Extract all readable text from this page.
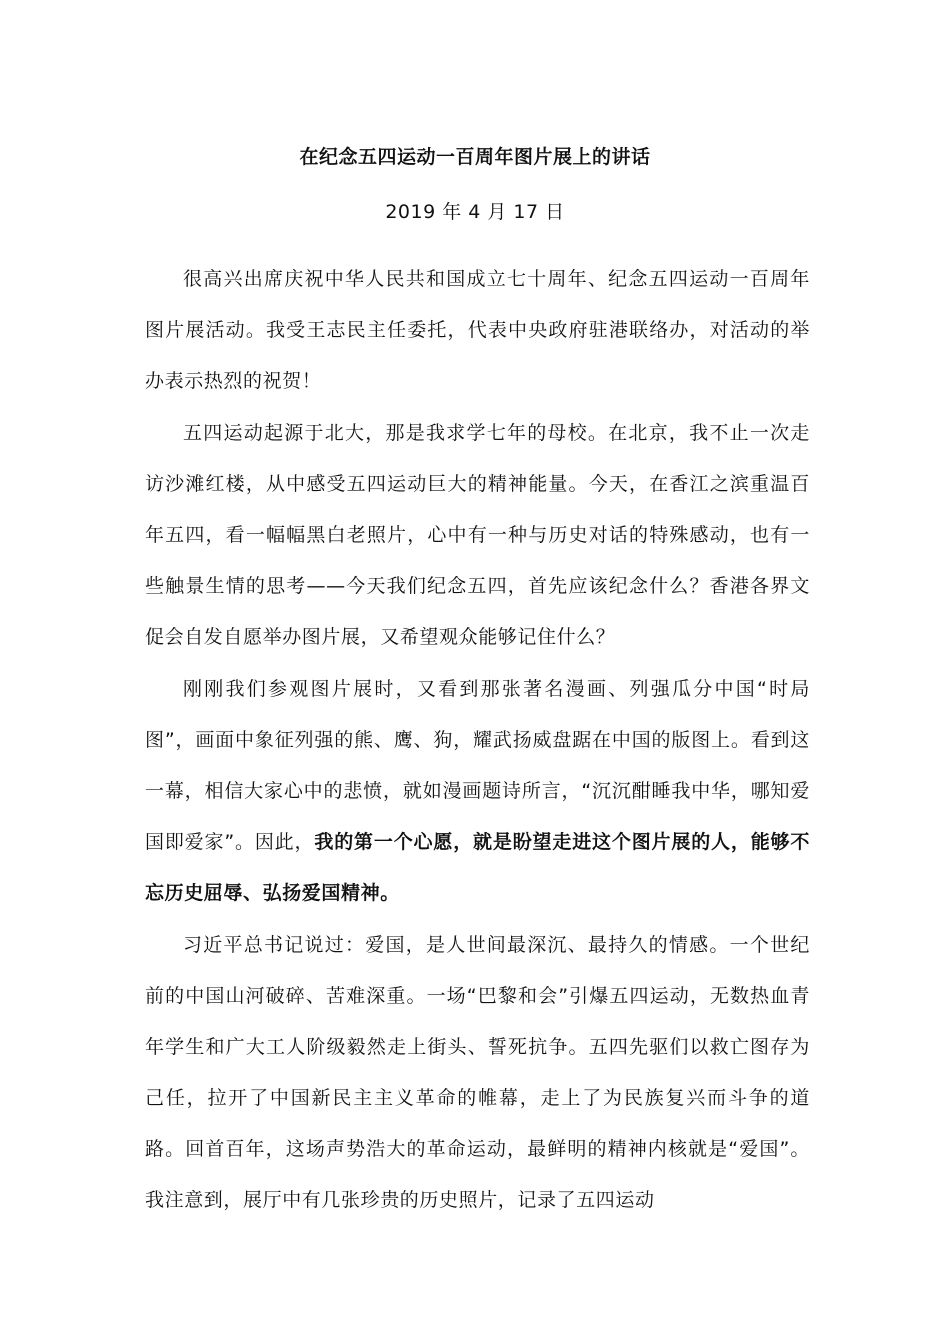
在纪念五四运动一百周年图片展上的讲话
2019 年 4 月 17 日

很高兴出席庆祝中华人民共和国成立七十周年、纪念五四运动一百周年图片展活动。我受王志民主任委托，代表中央政府驻港联络办，对活动的举办表示热烈的祝贺！

五四运动起源于北大，那是我求学七年的母校。在北京，我不止一次走访沙滩红楼，从中感受五四运动巨大的精神能量。今天，在香江之滨重温百年五四，看一幅幅黑白老照片，心中有一种与历史对话的特殊感动，也有一些触景生情的思考——今天我们纪念五四，首先应该纪念什么？香港各界文促会自发自愿举办图片展，又希望观众能够记住什么？

刚刚我们参观图片展时，又看到那张著名漫画、列强瓜分中国“时局图”，画面中象征列强的熊、鹰、狗，耀武扬威盘踞在中国的版图上。看到这一幕，相信大家心中的悲愤，就如漫画题诗所言，“沉沉酣睡我中华，哪知爱国即爱家”。因此，我的第一个心愿，就是盼望走进这个图片展的人，能够不忘历史屈辱、弘扬爱国精神。

习近平总书记说过：爱国，是人世间最深沉、最持久的情感。一个世纪前的中国山河破碎、苦难深重。一场“巴黎和会”引爆五四运动，无数热血青年学生和广大工人阶级毅然走上街头、誓死抗争。五四先驱们以救亡图存为己任，拉开了中国新民主主义革命的帷幕，走上了为民族复兴而斗争的道路。回首百年，这场声势浩大的革命运动，最鲜明的精神内核就是“爱国”。我注意到，展厅中有几张珍贵的历史照片，记录了五四运动
